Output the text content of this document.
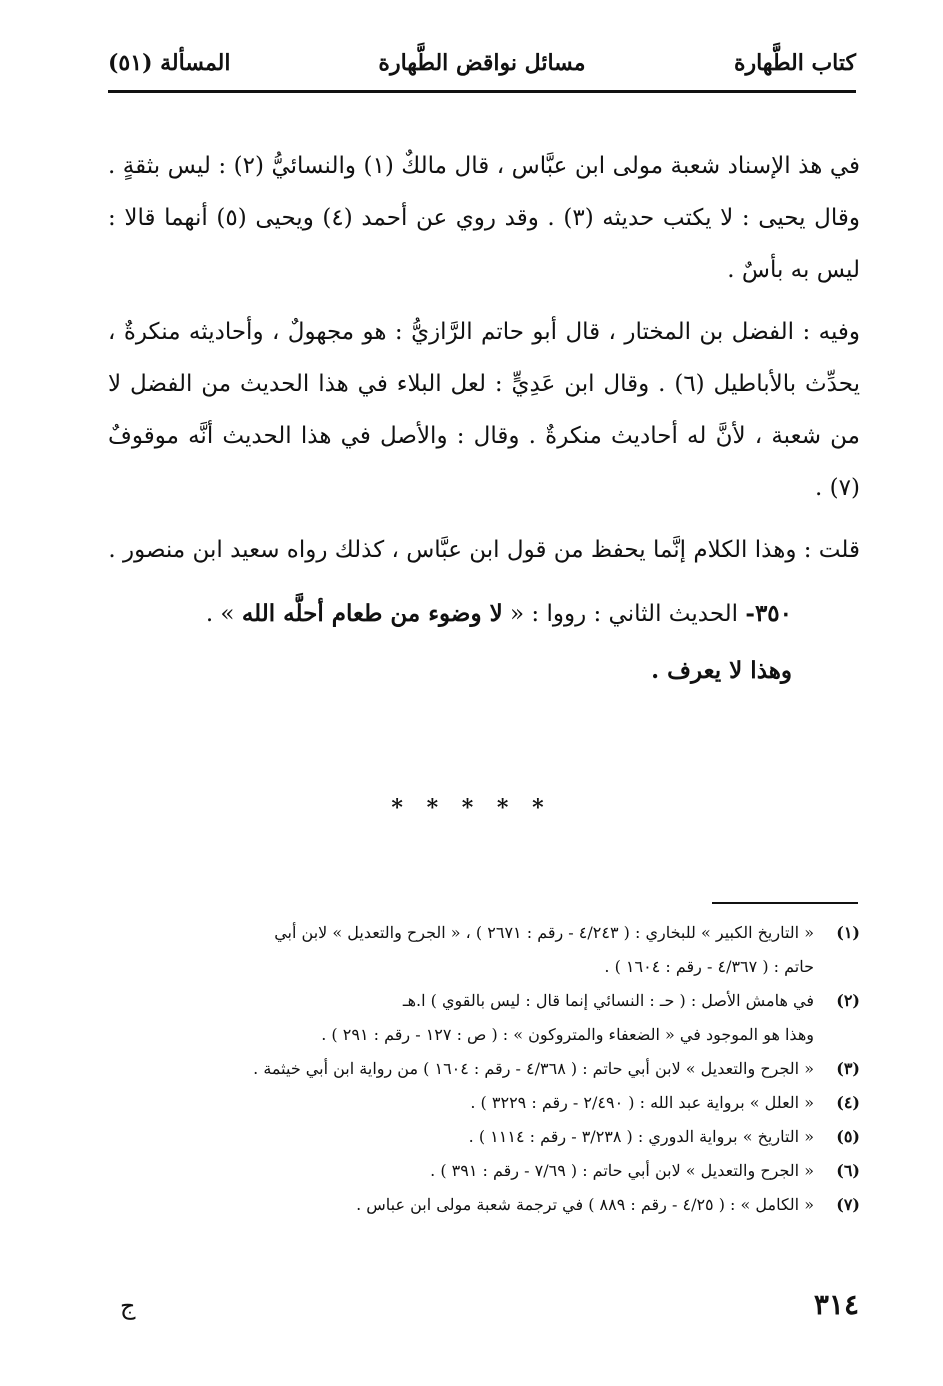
كتاب الطَّهارة
مسائل نواقض الطَّهارة
المسألة (٥١)

في هذ الإسناد شعبة مولى ابن عبَّاس ، قال مالكٌ (١) والنسائيُّ (٢) : ليس بثقةٍ . وقال يحيى : لا يكتب حديثه (٣) . وقد روي عن أحمد (٤) ويحيى (٥) أنهما قالا : ليس به بأسٌ .

وفيه : الفضل بن المختار ، قال أبو حاتم الرَّازيُّ : هو مجهولٌ ، وأحاديثه منكرةٌ ، يحدِّث بالأباطيل (٦) . وقال ابن عَدِيٍّ : لعل البلاء في هذا الحديث من الفضل لا من شعبة ، لأنَّ له أحاديث منكرةٌ . وقال : والأصل في هذا الحديث أنَّه موقوفٌ (٧) .

قلت : وهذا الكلام إنَّما يحفظ من قول ابن عبَّاس ، كذلك رواه سعيد ابن منصور .

٣٥٠- الحديث الثاني : رووا : « لا وضوء من طعام أحلَّه الله » .

وهذا لا يعرف .

* * * * *
(١)
« التاريخ الكبير » للبخاري : ( ٤/٢٤٣ - رقم : ٢٦٧١ ) ، « الجرح والتعديل » لابن أبي
حاتم : ( ٤/٣٦٧ - رقم : ١٦٠٤ ) .
(٢)
في هامش الأصل : ( حـ : النسائي إنما قال : ليس بالقوي ) ا.هـ
وهذا هو الموجود في « الضعفاء والمتروكون » : ( ص : ١٢٧ - رقم : ٢٩١ ) .
(٣)
« الجرح والتعديل » لابن أبي حاتم : ( ٤/٣٦٨ - رقم : ١٦٠٤ ) من رواية ابن أبي خيثمة .
(٤)
« العلل » برواية عبد الله : ( ٢/٤٩٠ - رقم : ٣٢٢٩ ) .
(٥)
« التاريخ » برواية الدوري : ( ٣/٢٣٨ - رقم : ١١١٤ ) .
(٦)
« الجرح والتعديل » لابن أبي حاتم : ( ٧/٦٩ - رقم : ٣٩١ ) .
(٧)
« الكامل » : ( ٤/٢٥ - رقم : ٨٨٩ ) في ترجمة شعبة مولى ابن عباس .
٣١٤
ج
